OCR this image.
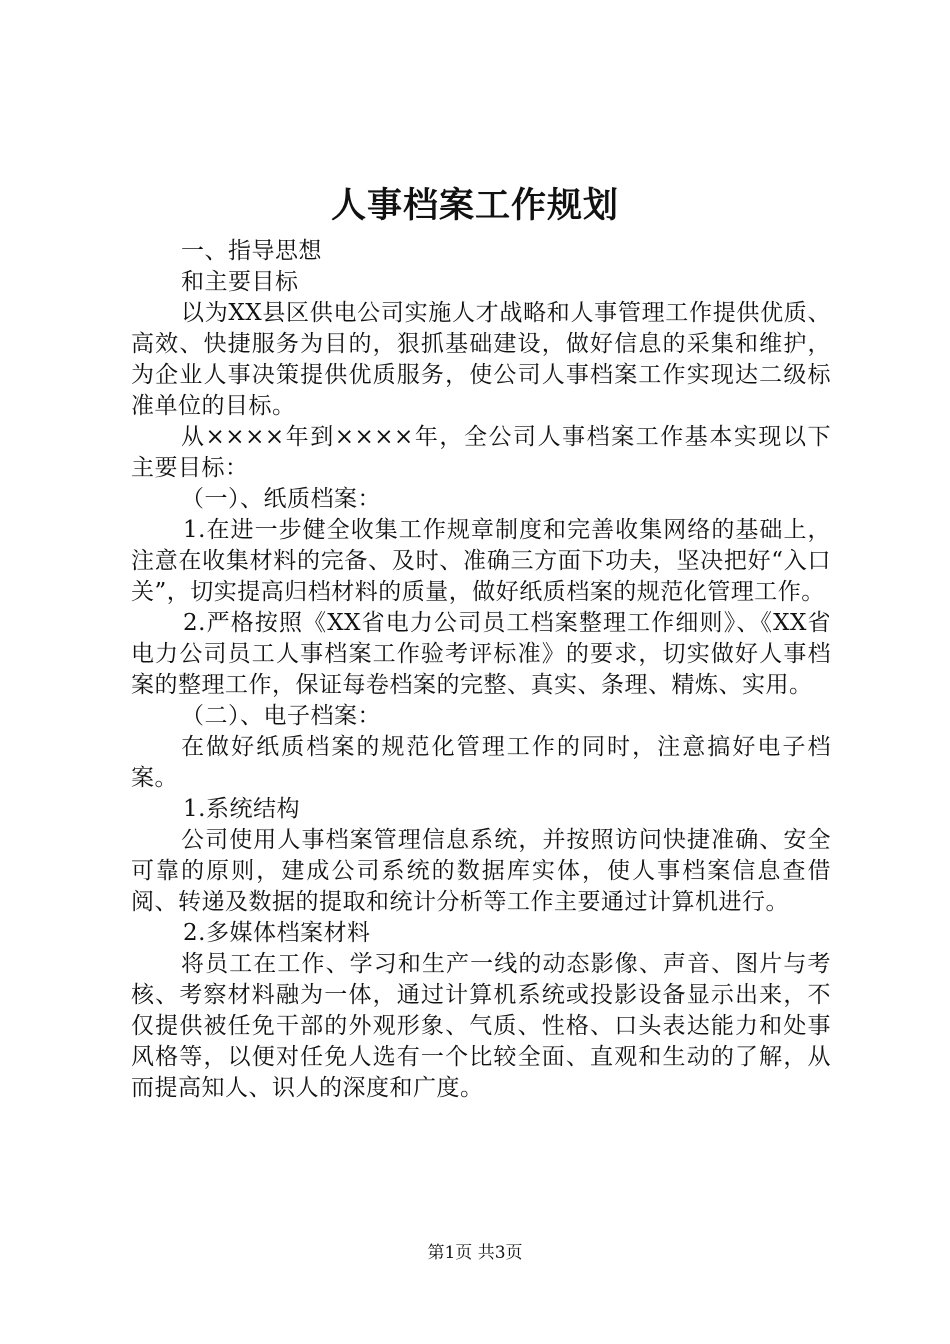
人事档案工作规划

一、指导思想

和主要目标

以为XX县区供电公司实施人才战略和人事管理工作提供优质、高效、快捷服务为目的，狠抓基础建设，做好信息的采集和维护，为企业人事决策提供优质服务，使公司人事档案工作实现达二级标准单位的目标。

从××××年到××××年，全公司人事档案工作基本实现以下主要目标：

（一）、纸质档案：

1.在进一步健全收集工作规章制度和完善收集网络的基础上，注意在收集材料的完备、及时、准确三方面下功夫，坚决把好“入口关”，切实提高归档材料的质量，做好纸质档案的规范化管理工作。

2.严格按照《XX省电力公司员工档案整理工作细则》、《XX省电力公司员工人事档案工作验考评标准》的要求，切实做好人事档案的整理工作，保证每卷档案的完整、真实、条理、精炼、实用。

（二）、电子档案：

在做好纸质档案的规范化管理工作的同时，注意搞好电子档案。

1.系统结构

公司使用人事档案管理信息系统，并按照访问快捷准确、安全可靠的原则，建成公司系统的数据库实体，使人事档案信息查借阅、转递及数据的提取和统计分析等工作主要通过计算机进行。

2.多媒体档案材料

将员工在工作、学习和生产一线的动态影像、声音、图片与考核、考察材料融为一体，通过计算机系统或投影设备显示出来，不仅提供被任免干部的外观形象、气质、性格、口头表达能力和处事风格等，以便对任免人选有一个比较全面、直观和生动的了解，从而提高知人、识人的深度和广度。

第1页 共3页
